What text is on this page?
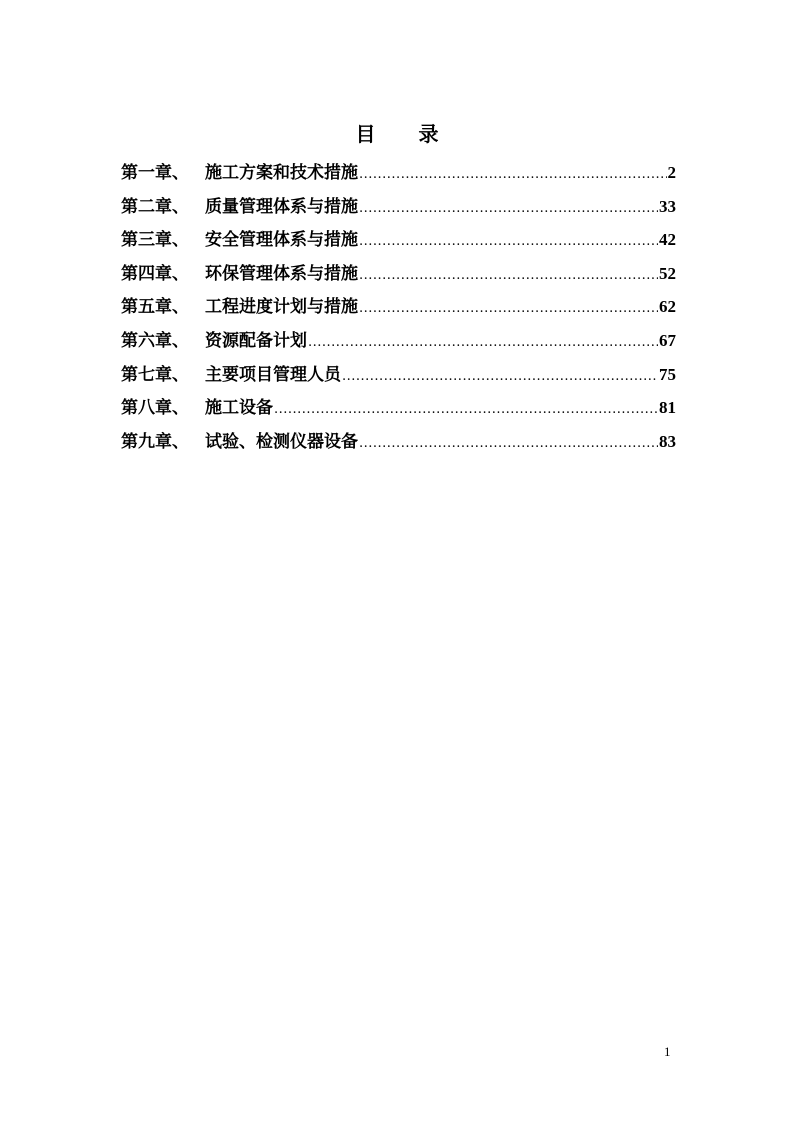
目 录
第一章、 施工方案和技术措施 .....	2
第二章、 质量管理体系与措施 .....	33
第三章、 安全管理体系与措施 .....	42
第四章、 环保管理体系与措施 .....	52
第五章、 工程进度计划与措施 .....	62
第六章、 资源配备计划 .....	67
第七章、 主要项目管理人员 .....	75
第八章、 施工设备 .....	81
第九章、 试验、检测仪器设备 .....	83
1
